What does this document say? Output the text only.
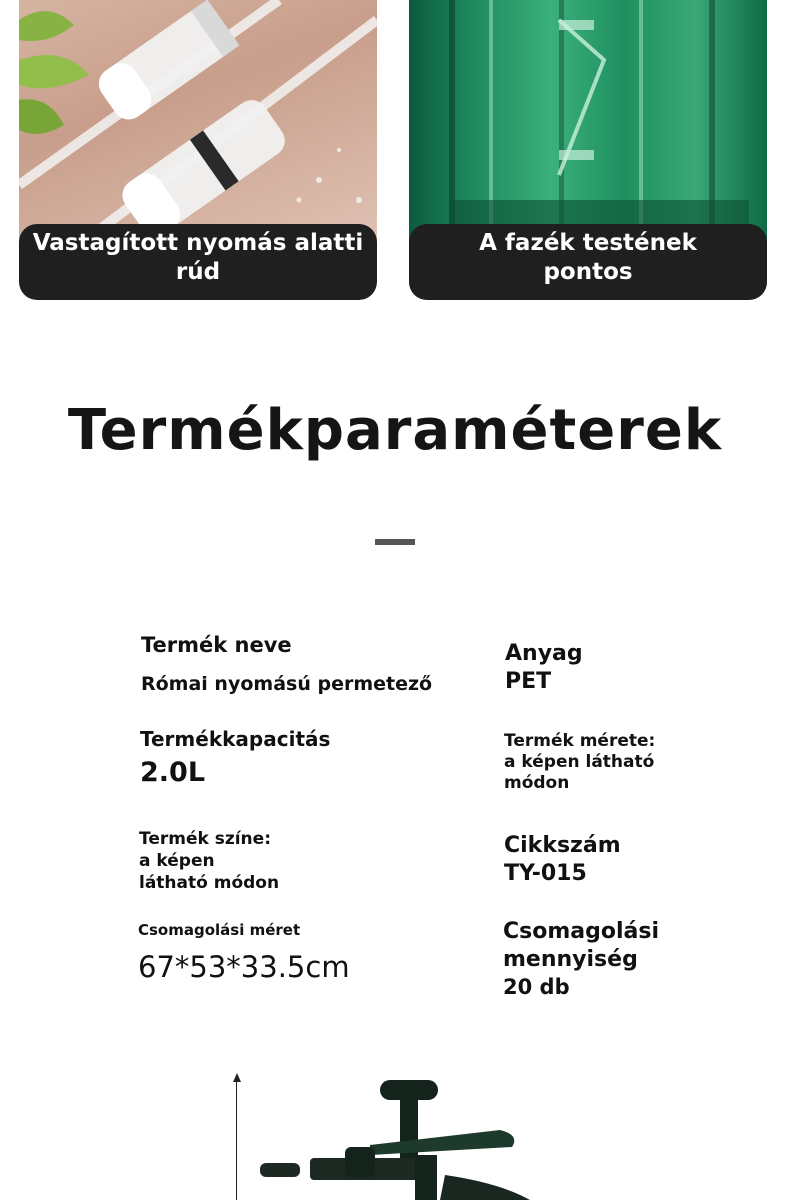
Vastagított nyomás alatti
rúd
A fazék testének
pontos
Termékparaméterek
Termék neve
Római nyomású permetező
Anyag
PET
Termékkapacitás
2.0L
Termék mérete:
a képen látható
módon
Termék színe:
a képen
látható módon
Cikkszám
TY-015
Csomagolási méret
67*53*33.5cm
Csomagolási
mennyiség
20 db
